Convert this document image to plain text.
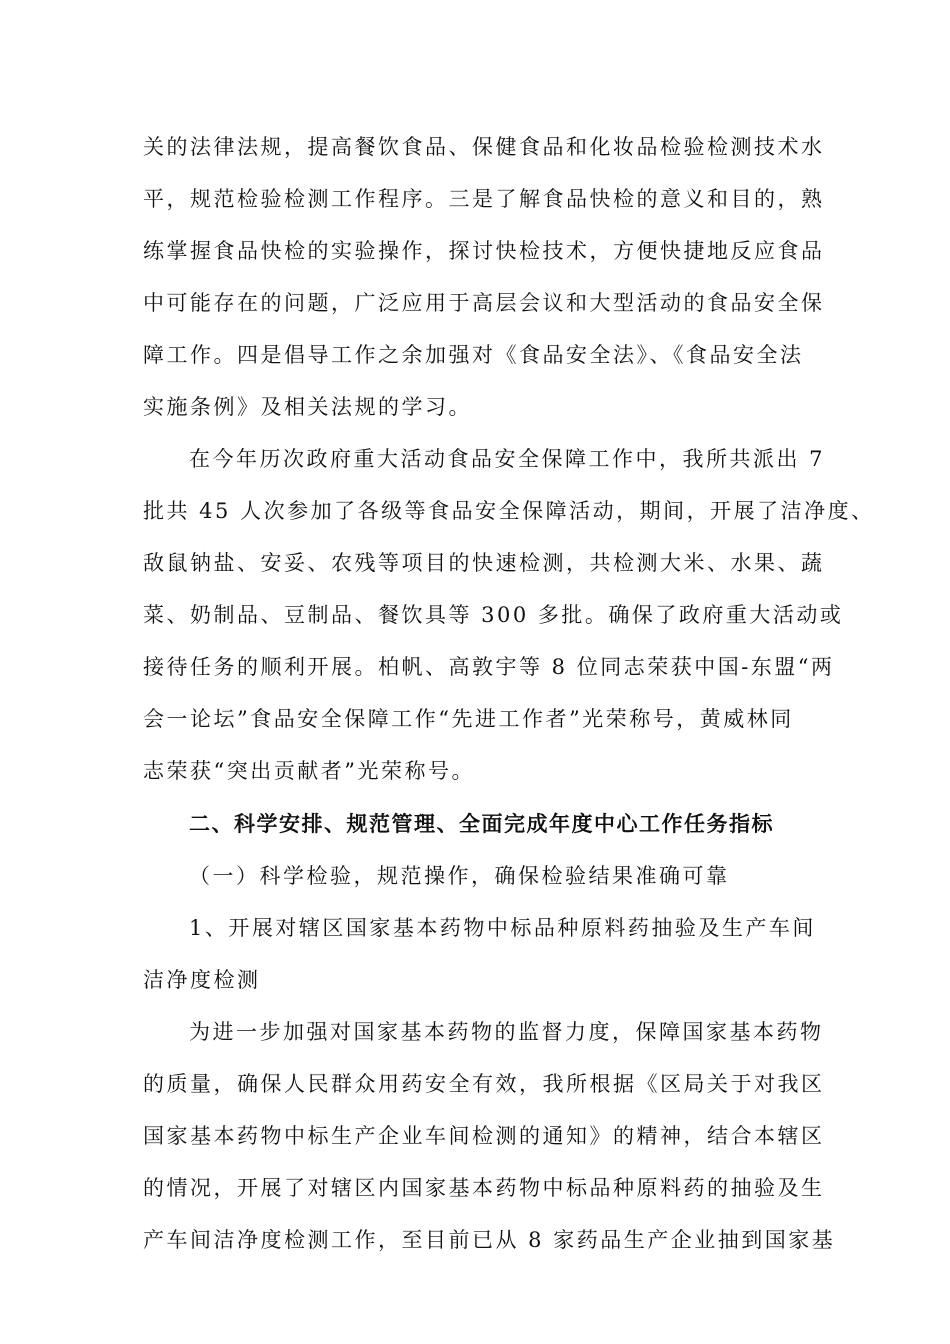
关的法律法规，提高餐饮食品、保健食品和化妆品检验检测技术水
平，规范检验检测工作程序。三是了解食品快检的意义和目的，熟
练掌握食品快检的实验操作，探讨快检技术，方便快捷地反应食品
中可能存在的问题，广泛应用于高层会议和大型活动的食品安全保
障工作。四是倡导工作之余加强对《食品安全法》、《食品安全法
实施条例》及相关法规的学习。
在今年历次政府重大活动食品安全保障工作中，我所共派出 7
批共 45 人次参加了各级等食品安全保障活动，期间，开展了洁净度、
敌鼠钠盐、安妥、农残等项目的快速检测，共检测大米、水果、蔬
菜、奶制品、豆制品、餐饮具等 300 多批。确保了政府重大活动或
接待任务的顺利开展。柏帆、高敦宇等 8 位同志荣获中国-东盟“两
会一论坛”食品安全保障工作“先进工作者”光荣称号，黄威林同
志荣获“突出贡献者”光荣称号。
二、科学安排、规范管理、全面完成年度中心工作任务指标
（一）科学检验，规范操作，确保检验结果准确可靠
1、开展对辖区国家基本药物中标品种原料药抽验及生产车间
洁净度检测
为进一步加强对国家基本药物的监督力度，保障国家基本药物
的质量，确保人民群众用药安全有效，我所根据《区局关于对我区
国家基本药物中标生产企业车间检测的通知》的精神，结合本辖区
的情况，开展了对辖区内国家基本药物中标品种原料药的抽验及生
产车间洁净度检测工作，至目前已从 8 家药品生产企业抽到国家基
